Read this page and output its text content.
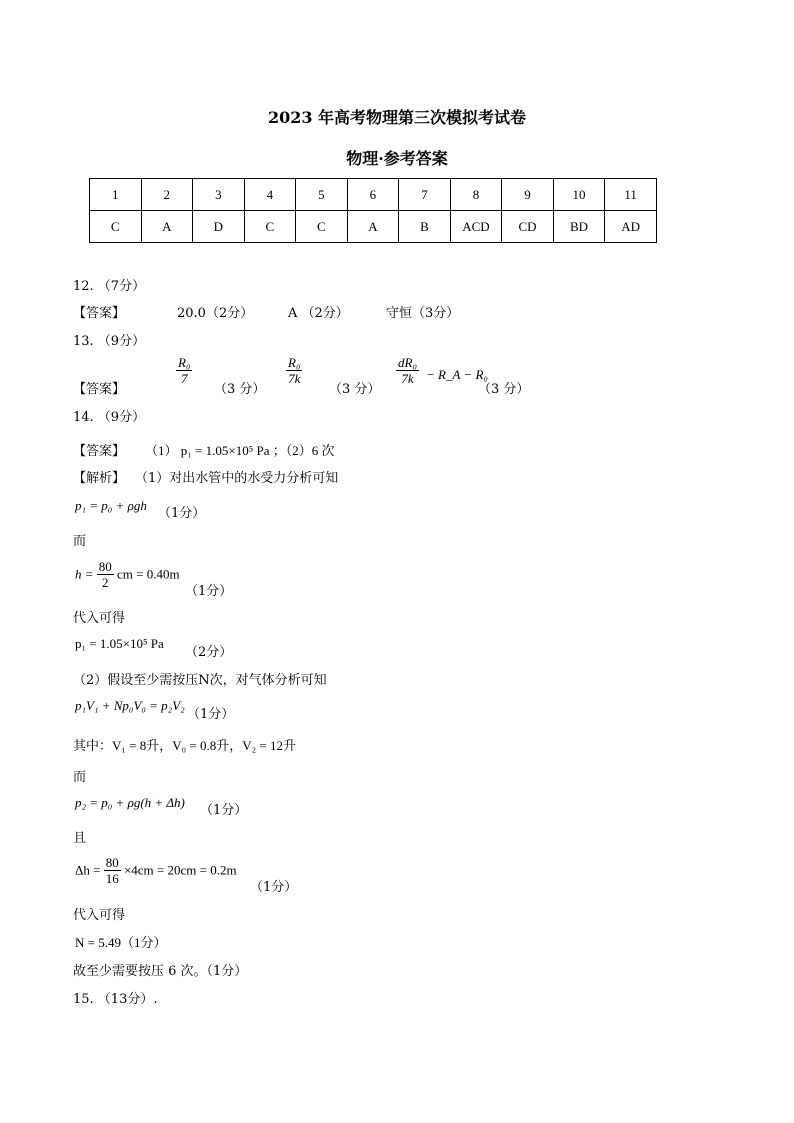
2023 年高考物理第三次模拟考试卷
物理·参考答案
1	2	3	4	5	6	7	8	9	10	11
C	A	D	C	C	A	B	ACD	CD	BD	AD
12. （7分）
【答案】	20.0（2分）	A （2分）	守恒（3分）
13. （9分）
【答案】
$\frac{\text{R₀}}{7}$
（3 分）
$\frac{\text{R₀}}{7k}$
（3 分）
$\frac{\text{dR₀}}{7k}$ − R_A − R₀
（3 分）
14. （9分）
【答案】 （1） p₁ = 1.05×10⁵ Pa ；（2）6 次
【解析】 （1）对出水管中的水受力分析可知
p₁ = p₀ + ρgh
（1分）
而
$h = \frac{80}{2}$ cm = 0.40m
（1分）
代入可得
p₁ = 1.05×10⁵ Pa
（2分）
（2）假设至少需按压N次，对气体分析可知
p₁V₁ + Np₀V₀ = p₂V₂
（1分）
其中：V₁ = 8升，V₀ = 0.8升，V₂ = 12升
而
p₂ = p₀ + ρg(h + Δh)
（1分）
且
$\Delta h = \frac{80}{16} \times 4cm = 20cm = 0.2m$
（1分）
代入可得
N = 5.49（1分）
故至少需要按压 6 次。（1分）
15. （13分）.
